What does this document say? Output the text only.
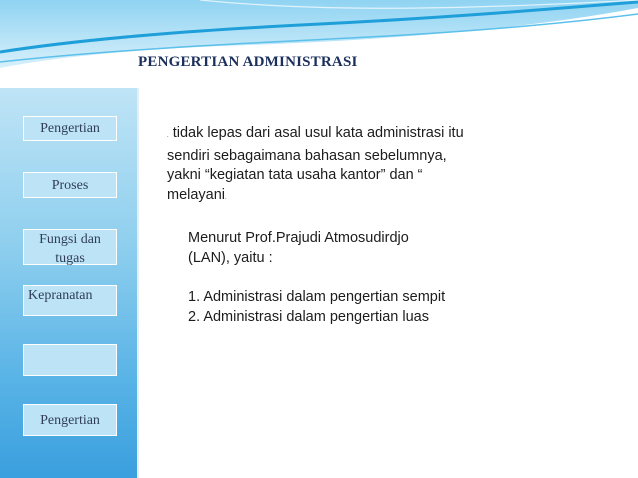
PENGERTIAN ADMINISTRASI
Pengertian
Proses
Fungsi dan
tugas
Kepranatan
Pengertian
. tidak lepas dari asal usul kata administrasi itu
sendiri sebagaimana bahasan sebelumnya,
yakni “kegiatan tata usaha kantor” dan “
melayani.
Menurut Prof.Prajudi Atmosudirdjo
(LAN), yaitu :
1. Administrasi dalam pengertian sempit
2. Administrasi dalam pengertian luas
